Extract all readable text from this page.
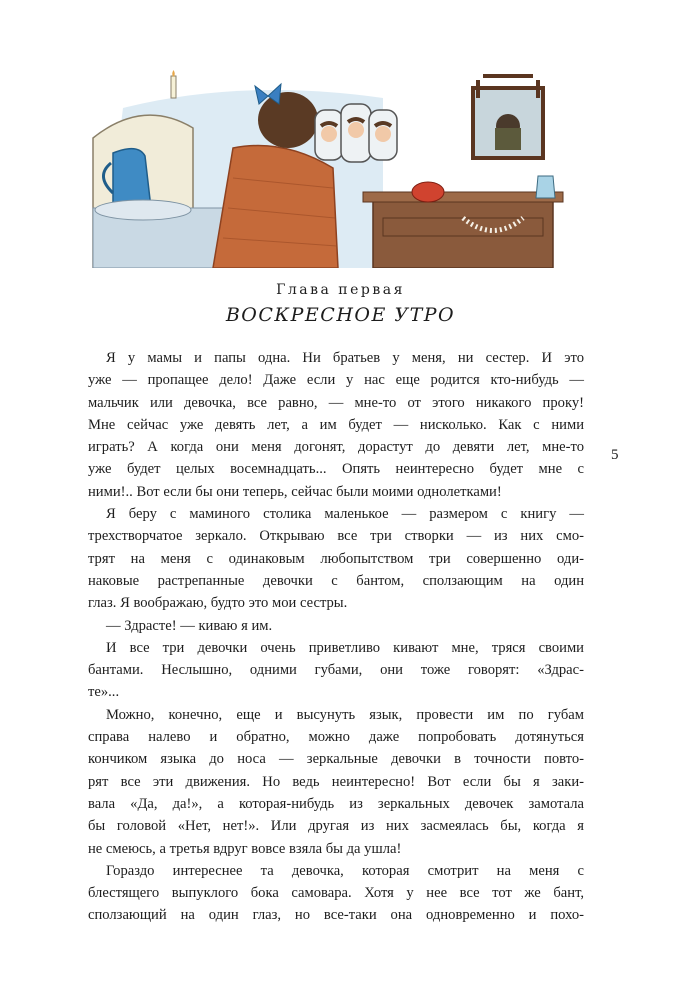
Глава первая
ВОСКРЕСНОЕ УТРО
Я у мамы и папы одна. Ни братьев у меня, ни сестер. И это
уже — пропащее дело! Даже если у нас еще родится кто-нибудь —
мальчик или девочка, все равно, — мне-то от этого никакого проку!
Мне сейчас уже девять лет, а им будет — нисколько. Как с ними
играть? А когда они меня догонят, дорастут до девяти лет, мне-то
уже будет целых восемнадцать... Опять неинтересно будет мне с
ними!.. Вот если бы они теперь, сейчас были моими однолетками!
Я беру с маминого столика маленькое — размером с книгу —
трехстворчатое зеркало. Открываю все три створки — из них смо-
трят на меня с одинаковым любопытством три совершенно оди-
наковые растрепанные девочки с бантом, сползающим на один
глаз. Я воображаю, будто это мои сестры.
— Здрасте! — киваю я им.
И все три девочки очень приветливо кивают мне, тряся своими
бантами. Неслышно, одними губами, они тоже говорят: «Здрас-
те»...
Можно, конечно, еще и высунуть язык, провести им по губам
справа налево и обратно, можно даже попробовать дотянуться
кончиком языка до носа — зеркальные девочки в точности повто-
рят все эти движения. Но ведь неинтересно! Вот если бы я заки-
вала «Да, да!», а которая-нибудь из зеркальных девочек замотала
бы головой «Нет, нет!». Или другая из них засмеялась бы, когда я
не смеюсь, а третья вдруг вовсе взяла бы да ушла!
Гораздо интереснее та девочка, которая смотрит на меня с
блестящего выпуклого бока самовара. Хотя у нее все тот же бант,
сползающий на один глаз, но все-таки она одновременно и похо-
5
